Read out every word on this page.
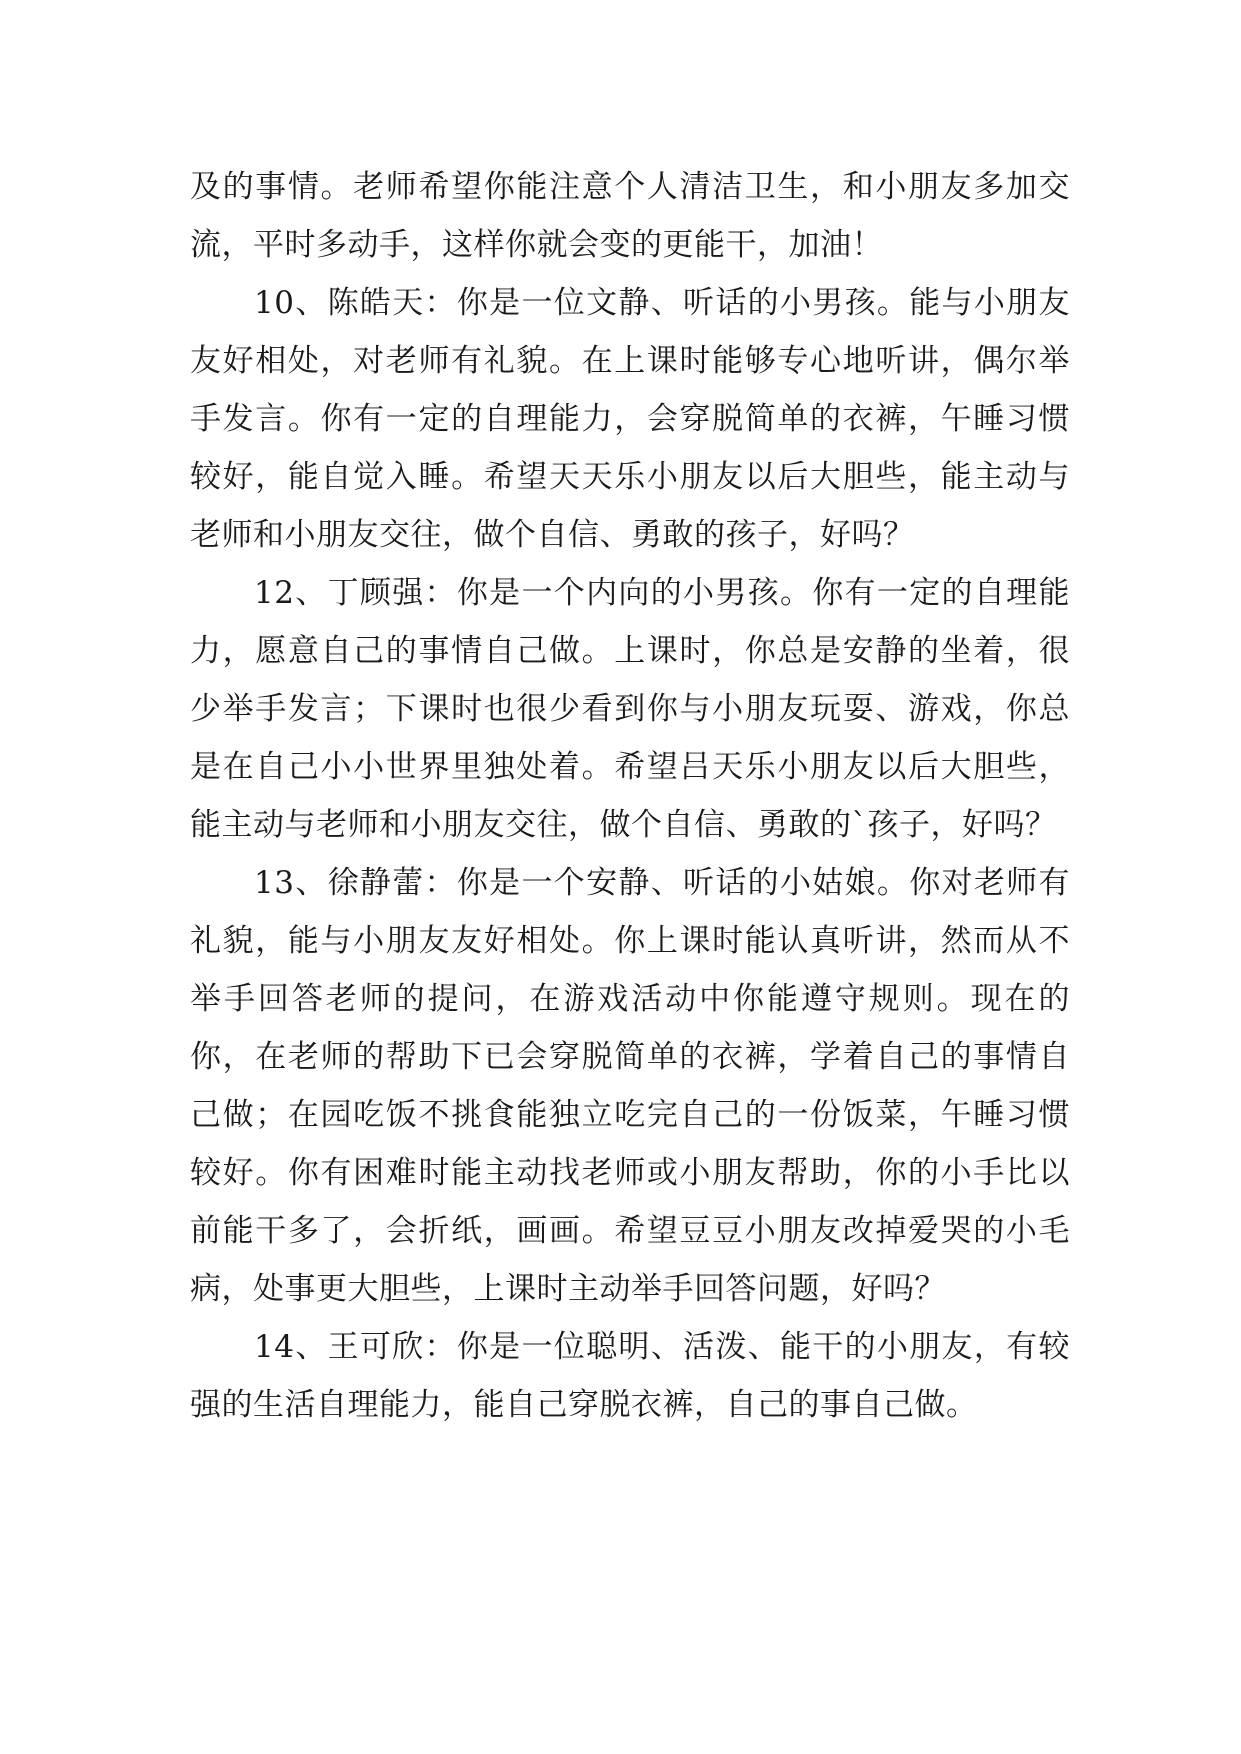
及的事情。老师希望你能注意个人清洁卫生，和小朋友多加交流，平时多动手，这样你就会变的更能干，加油！

10、陈皓天：你是一位文静、听话的小男孩。能与小朋友友好相处，对老师有礼貌。在上课时能够专心地听讲，偶尔举手发言。你有一定的自理能力，会穿脱简单的衣裤，午睡习惯较好，能自觉入睡。希望天天乐小朋友以后大胆些，能主动与老师和小朋友交往，做个自信、勇敢的孩子，好吗？

12、丁顾强：你是一个内向的小男孩。你有一定的自理能力，愿意自己的事情自己做。上课时，你总是安静的坐着，很少举手发言；下课时也很少看到你与小朋友玩耍、游戏，你总是在自己小小世界里独处着。希望吕天乐小朋友以后大胆些，能主动与老师和小朋友交往，做个自信、勇敢的`孩子，好吗？

13、徐静蕾：你是一个安静、听话的小姑娘。你对老师有礼貌，能与小朋友友好相处。你上课时能认真听讲，然而从不举手回答老师的提问，在游戏活动中你能遵守规则。现在的你，在老师的帮助下已会穿脱简单的衣裤，学着自己的事情自己做；在园吃饭不挑食能独立吃完自己的一份饭菜，午睡习惯较好。你有困难时能主动找老师或小朋友帮助，你的小手比以前能干多了，会折纸，画画。希望豆豆小朋友改掉爱哭的小毛病，处事更大胆些，上课时主动举手回答问题，好吗？

14、王可欣：你是一位聪明、活泼、能干的小朋友，有较强的生活自理能力，能自己穿脱衣裤，自己的事自己做。
